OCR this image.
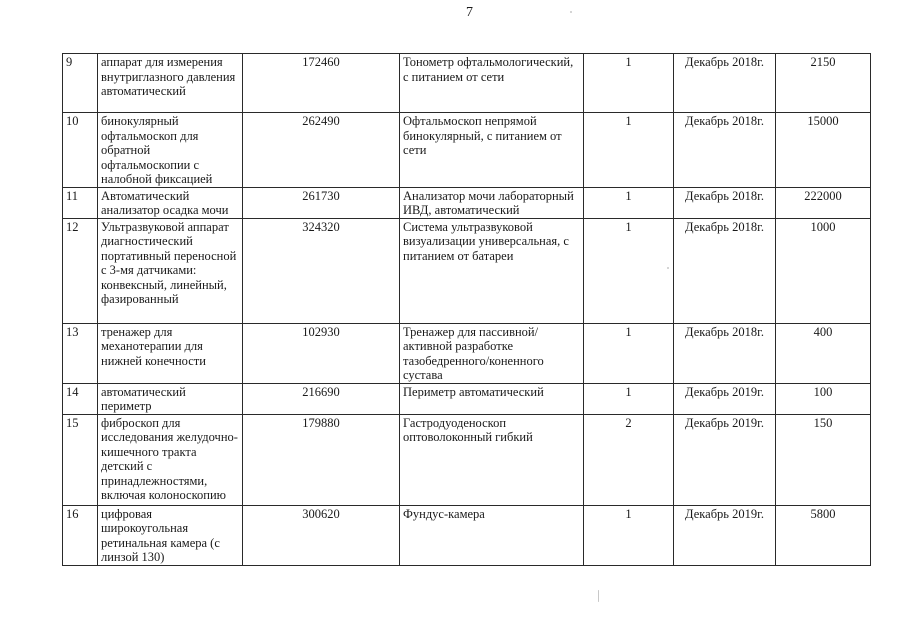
7
9	аппарат для измерения внутриглазного давления автоматический	172460	Тонометр офтальмологический, с питанием от сети	1	Декабрь 2018г.	2150
10	бинокулярный офтальмоскоп для обратной офтальмоскопии с налобной фиксацией	262490	Офтальмоскоп непрямой бинокулярный, с питанием от сети	1	Декабрь 2018г.	15000
11	Автоматический анализатор осадка мочи	261730	Анализатор мочи лабораторный ИВД, автоматический	1	Декабрь 2018г.	222000
12	Ультразвуковой аппарат диагностический портативный переносной с 3-мя датчиками: конвексный, линейный, фазированный	324320	Система ультразвуковой визуализации универсальная, с питанием от батареи	1	Декабрь 2018г.	1000
13	тренажер для механотерапии для нижней конечности	102930	Тренажер для пассивной/активной разработке тазобедренного/коненного сустава	1	Декабрь 2018г.	400
14	автоматический периметр	216690	Периметр автоматический	1	Декабрь 2019г.	100
15	фиброскоп для исследования желудочно-кишечного тракта детский с принадлежностями, включая колоноскопию	179880	Гастродуоденоскоп оптоволоконный гибкий	2	Декабрь 2019г.	150
16	цифровая широкоугольная ретинальная камера (с линзой 130)	300620	Фундус-камера	1	Декабрь 2019г.	5800
